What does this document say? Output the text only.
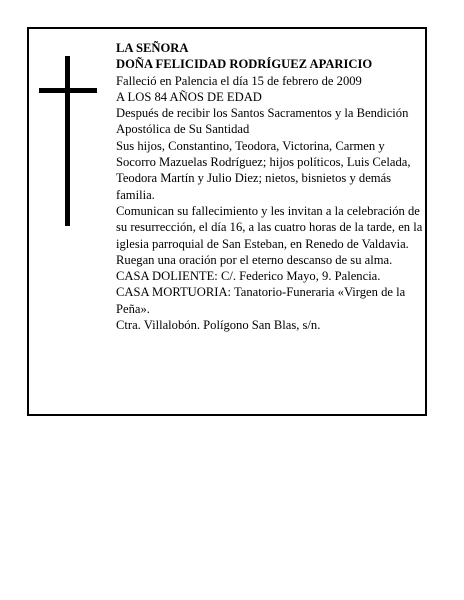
LA SEÑORA

DOÑA FELICIDAD RODRÍGUEZ APARICIO

Falleció en Palencia el día 15 de febrero de 2009

A LOS 84 AÑOS DE EDAD

Después de recibir los Santos Sacramentos y la Bendición Apostólica de Su Santidad

Sus hijos, Constantino, Teodora, Victorina, Carmen y Socorro Mazuelas Rodríguez; hijos políticos, Luis Celada, Teodora Martín y Julio Diez; nietos, bisnietos y demás familia.

Comunican su fallecimiento y les invitan a la celebración de su resurrección, el día 16, a las cuatro horas de la tarde, en la iglesia parroquial de San Esteban, en Renedo de Valdavia.

Ruegan una oración por el eterno descanso de su alma.

CASA DOLIENTE: C/. Federico Mayo, 9. Palencia.

CASA MORTUORIA: Tanatorio-Funeraria «Virgen de la Peña».

Ctra. Villalobón. Polígono San Blas, s/n.
